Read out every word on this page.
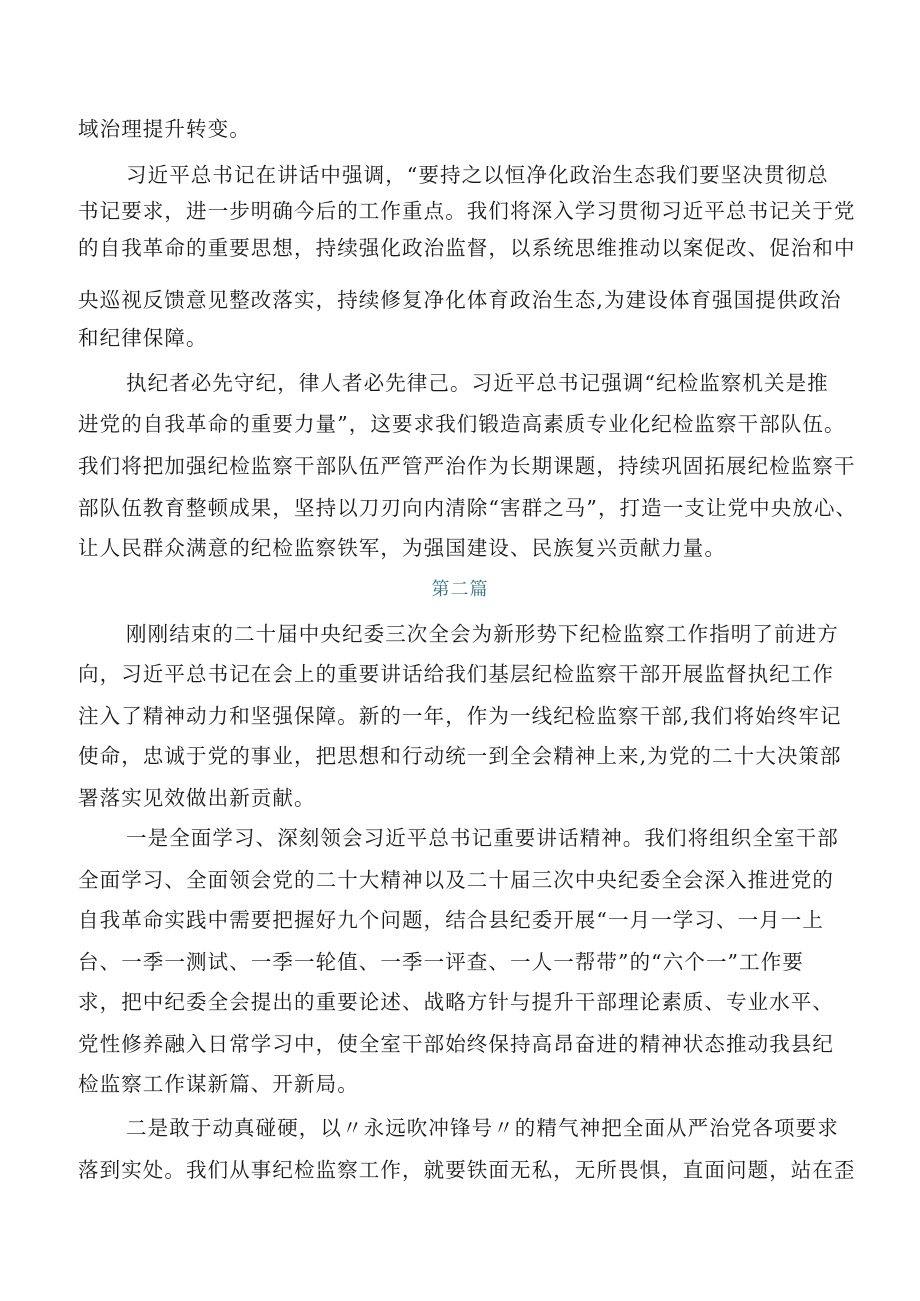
域治理提升转变。
习近平总书记在讲话中强调，“要持之以恒净化政治生态我们要坚决贯彻总
书记要求，进一步明确今后的工作重点。我们将深入学习贯彻习近平总书记关于党
的自我革命的重要思想，持续强化政治监督，以系统思维推动以案促改、促治和中
央巡视反馈意见整改落实，持续修复净化体育政治生态,为建设体育强国提供政治
和纪律保障。
执纪者必先守纪，律人者必先律己。习近平总书记强调“纪检监察机关是推
进党的自我革命的重要力量”，这要求我们锻造高素质专业化纪检监察干部队伍。
我们将把加强纪检监察干部队伍严管严治作为长期课题，持续巩固拓展纪检监察干
部队伍教育整顿成果，坚持以刀刃向内清除“害群之马”，打造一支让党中央放心、
让人民群众满意的纪检监察铁军，为强国建设、民族复兴贡献力量。
第二篇
刚刚结束的二十届中央纪委三次全会为新形势下纪检监察工作指明了前进方
向，习近平总书记在会上的重要讲话给我们基层纪检监察干部开展监督执纪工作
注入了精神动力和坚强保障。新的一年，作为一线纪检监察干部,我们将始终牢记
使命，忠诚于党的事业，把思想和行动统一到全会精神上来,为党的二十大决策部
署落实见效做出新贡献。
一是全面学习、深刻领会习近平总书记重要讲话精神。我们将组织全室干部
全面学习、全面领会党的二十大精神以及二十届三次中央纪委全会深入推进党的
自我革命实践中需要把握好九个问题，结合县纪委开展“一月一学习、一月一上
台、一季一测试、一季一轮值、一季一评查、一人一帮带”的“六个一”工作要
求，把中纪委全会提出的重要论述、战略方针与提升干部理论素质、专业水平、
党性修养融入日常学习中，使全室干部始终保持高昂奋进的精神状态推动我县纪
检监察工作谋新篇、开新局。
二是敢于动真碰硬，以〃永远吹冲锋号〃的精气神把全面从严治党各项要求
落到实处。我们从事纪检监察工作，就要铁面无私，无所畏惧，直面问题，站在歪
